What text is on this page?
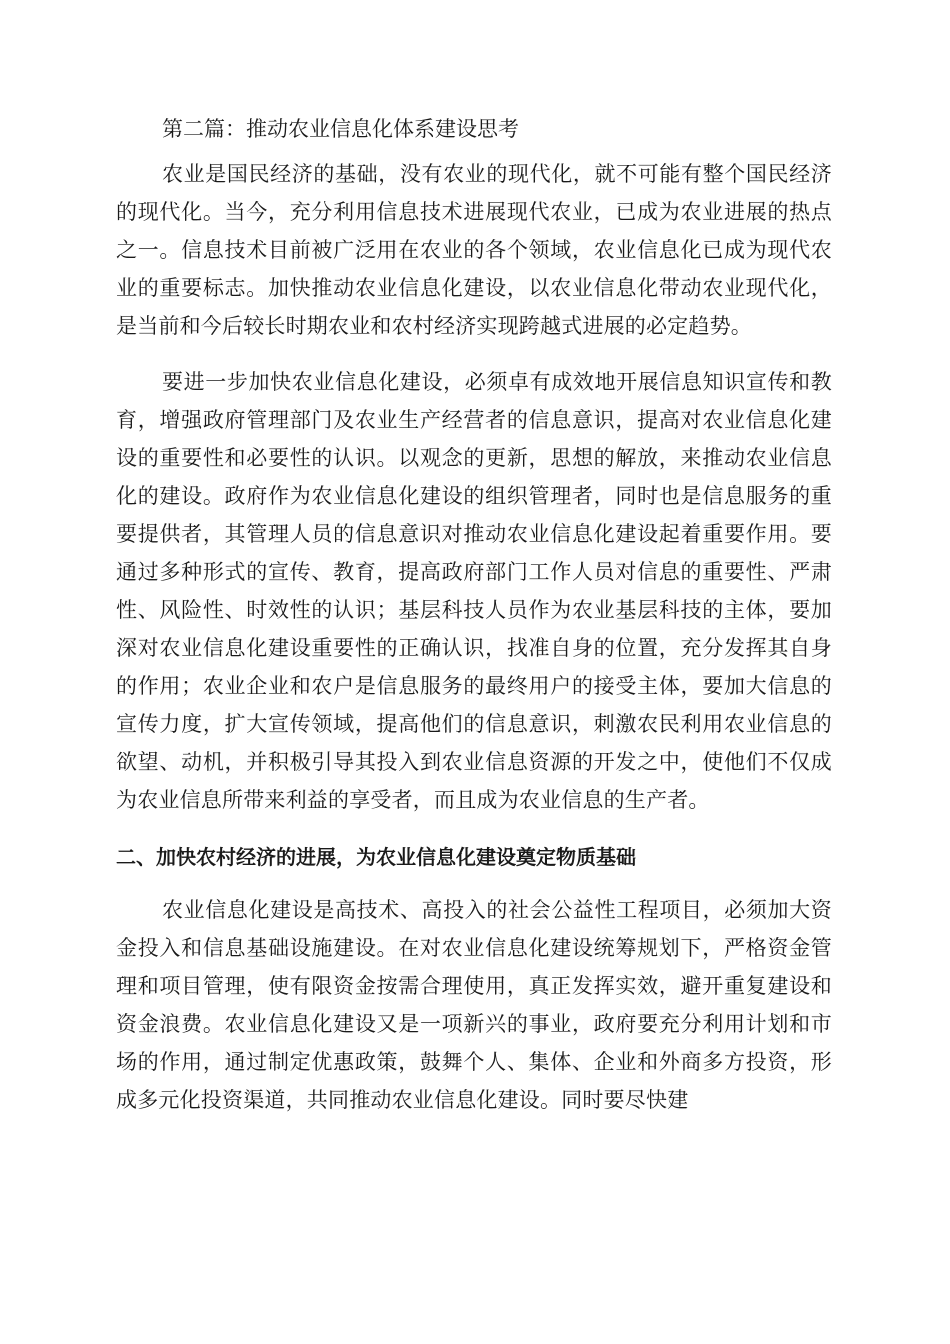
第二篇：推动农业信息化体系建设思考

农业是国民经济的基础，没有农业的现代化，就不可能有整个国民经济的现代化。当今，充分利用信息技术进展现代农业，已成为农业进展的热点之一。信息技术目前被广泛用在农业的各个领域，农业信息化已成为现代农业的重要标志。加快推动农业信息化建设，以农业信息化带动农业现代化，是当前和今后较长时期农业和农村经济实现跨越式进展的必定趋势。

要进一步加快农业信息化建设，必须卓有成效地开展信息知识宣传和教育，增强政府管理部门及农业生产经营者的信息意识，提高对农业信息化建设的重要性和必要性的认识。以观念的更新，思想的解放，来推动农业信息化的建设。政府作为农业信息化建设的组织管理者，同时也是信息服务的重要提供者，其管理人员的信息意识对推动农业信息化建设起着重要作用。要通过多种形式的宣传、教育，提高政府部门工作人员对信息的重要性、严肃性、风险性、时效性的认识；基层科技人员作为农业基层科技的主体，要加深对农业信息化建设重要性的正确认识，找准自身的位置，充分发挥其自身的作用；农业企业和农户是信息服务的最终用户的接受主体，要加大信息的宣传力度，扩大宣传领域，提高他们的信息意识，刺激农民利用农业信息的欲望、动机，并积极引导其投入到农业信息资源的开发之中，使他们不仅成为农业信息所带来利益的享受者，而且成为农业信息的生产者。

二、加快农村经济的进展，为农业信息化建设奠定物质基础

农业信息化建设是高技术、高投入的社会公益性工程项目，必须加大资金投入和信息基础设施建设。在对农业信息化建设统筹规划下，严格资金管理和项目管理，使有限资金按需合理使用，真正发挥实效，避开重复建设和资金浪费。农业信息化建设又是一项新兴的事业，政府要充分利用计划和市场的作用，通过制定优惠政策，鼓舞个人、集体、企业和外商多方投资，形成多元化投资渠道，共同推动农业信息化建设。同时要尽快建
